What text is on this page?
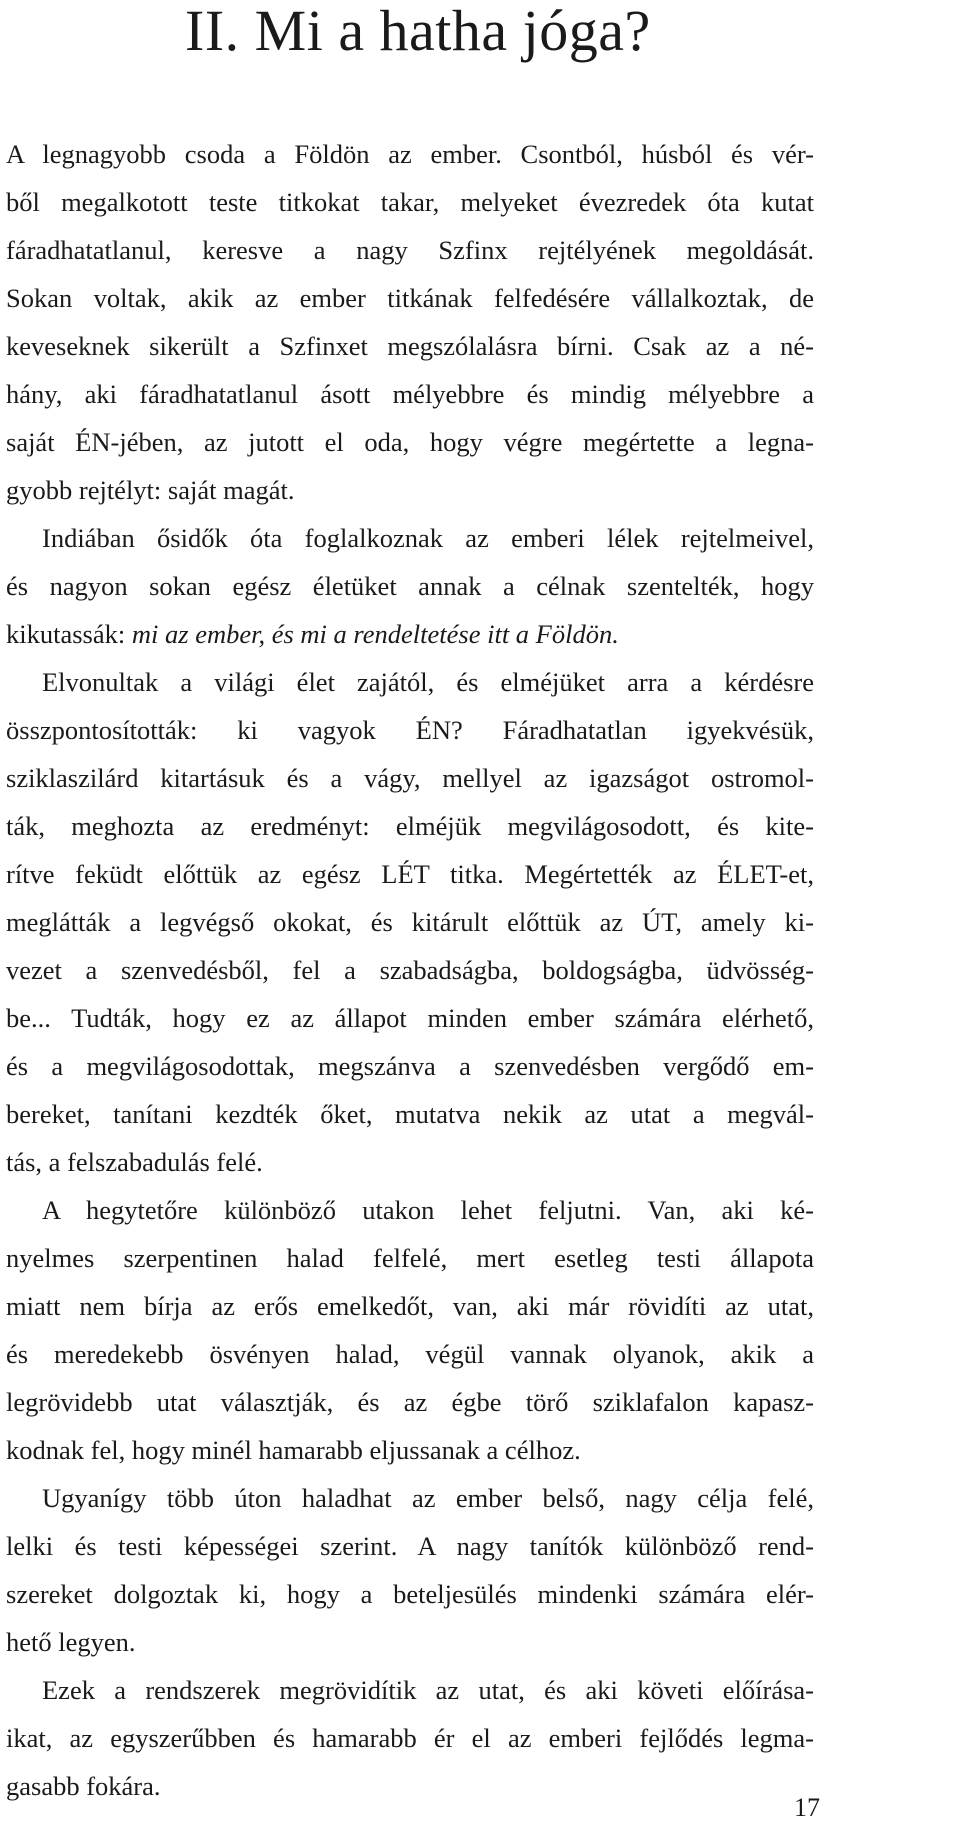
II. Mi a hatha jóga?
A legnagyobb csoda a Földön az ember. Csontból, húsból és vér-
ből megalkotott teste titkokat takar, melyeket évezredek óta kutat
fáradhatatlanul, keresve a nagy Szfinx rejtélyének megoldását.
Sokan voltak, akik az ember titkának felfedésére vállalkoztak, de
keveseknek sikerült a Szfinxet megszólalásra bírni. Csak az a né-
hány, aki fáradhatatlanul ásott mélyebbre és mindig mélyebbre a
saját ÉN-jében, az jutott el oda, hogy végre megértette a legna-
gyobb rejtélyt: saját magát.
Indiában ősidők óta foglalkoznak az emberi lélek rejtelmeivel,
és nagyon sokan egész életüket annak a célnak szentelték, hogy
kikutassák: mi az ember, és mi a rendeltetése itt a Földön.
Elvonultak a világi élet zajától, és elméjüket arra a kérdésre
összpontosították: ki vagyok ÉN? Fáradhatatlan igyekvésük,
sziklaszilárd kitartásuk és a vágy, mellyel az igazságot ostromol-
ták, meghozta az eredményt: elméjük megvilágosodott, és kite-
rítve feküdt előttük az egész LÉT titka. Megértették az ÉLET-et,
meglátták a legvégső okokat, és kitárult előttük az ÚT, amely ki-
vezet a szenvedésből, fel a szabadságba, boldogságba, üdvösség-
be... Tudták, hogy ez az állapot minden ember számára elérhető,
és a megvilágosodottak, megszánva a szenvedésben vergődő em-
bereket, tanítani kezdték őket, mutatva nekik az utat a megvál-
tás, a felszabadulás felé.
A hegytetőre különböző utakon lehet feljutni. Van, aki ké-
nyelmes szerpentinen halad felfelé, mert esetleg testi állapota
miatt nem bírja az erős emelkedőt, van, aki már rövidíti az utat,
és meredekebb ösvényen halad, végül vannak olyanok, akik a
legrövidebb utat választják, és az égbe törő sziklafalon kapasz-
kodnak fel, hogy minél hamarabb eljussanak a célhoz.
Ugyanígy több úton haladhat az ember belső, nagy célja felé,
lelki és testi képességei szerint. A nagy tanítók különböző rend-
szereket dolgoztak ki, hogy a beteljesülés mindenki számára elér-
hető legyen.
Ezek a rendszerek megrövidítik az utat, és aki követi előírása-
ikat, az egyszerűbben és hamarabb ér el az emberi fejlődés legma-
gasabb fokára.
17
